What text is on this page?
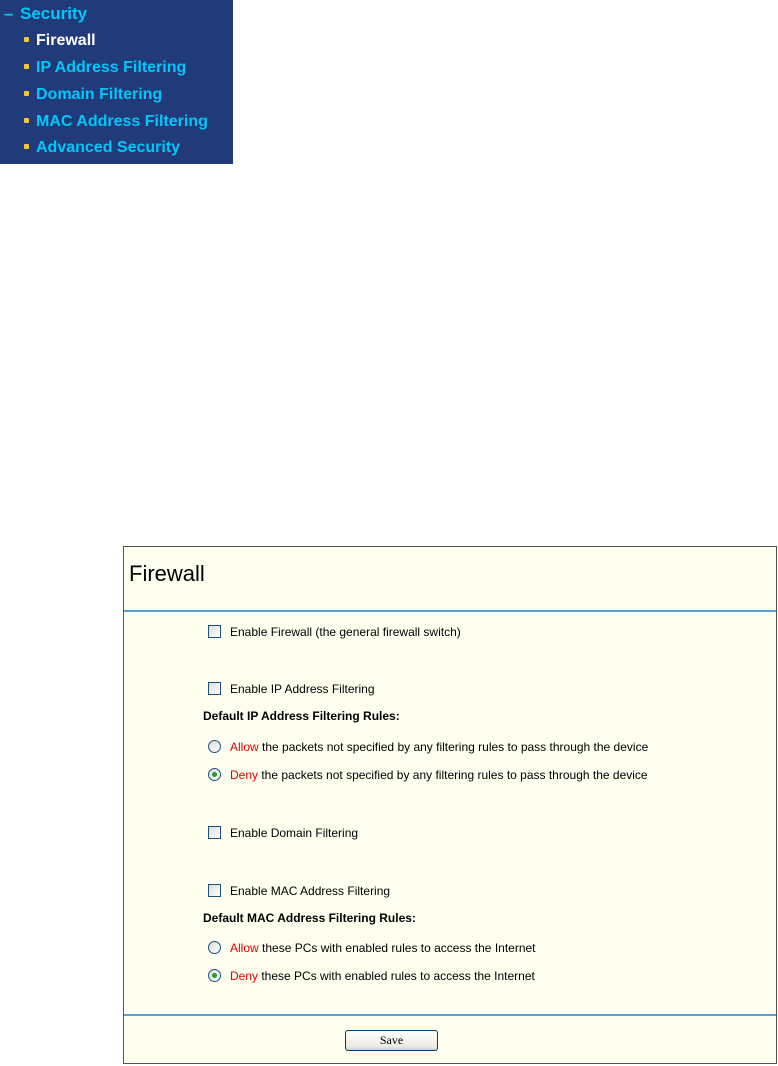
– Security
Firewall
IP Address Filtering
Domain Filtering
MAC Address Filtering
Advanced Security
Firewall
Enable Firewall (the general firewall switch)
Enable IP Address Filtering
Default IP Address Filtering Rules:
Allow the packets not specified by any filtering rules to pass through the device
Deny the packets not specified by any filtering rules to pass through the device
Enable Domain Filtering
Enable MAC Address Filtering
Default MAC Address Filtering Rules:
Allow these PCs with enabled rules to access the Internet
Deny these PCs with enabled rules to access the Internet
Save
